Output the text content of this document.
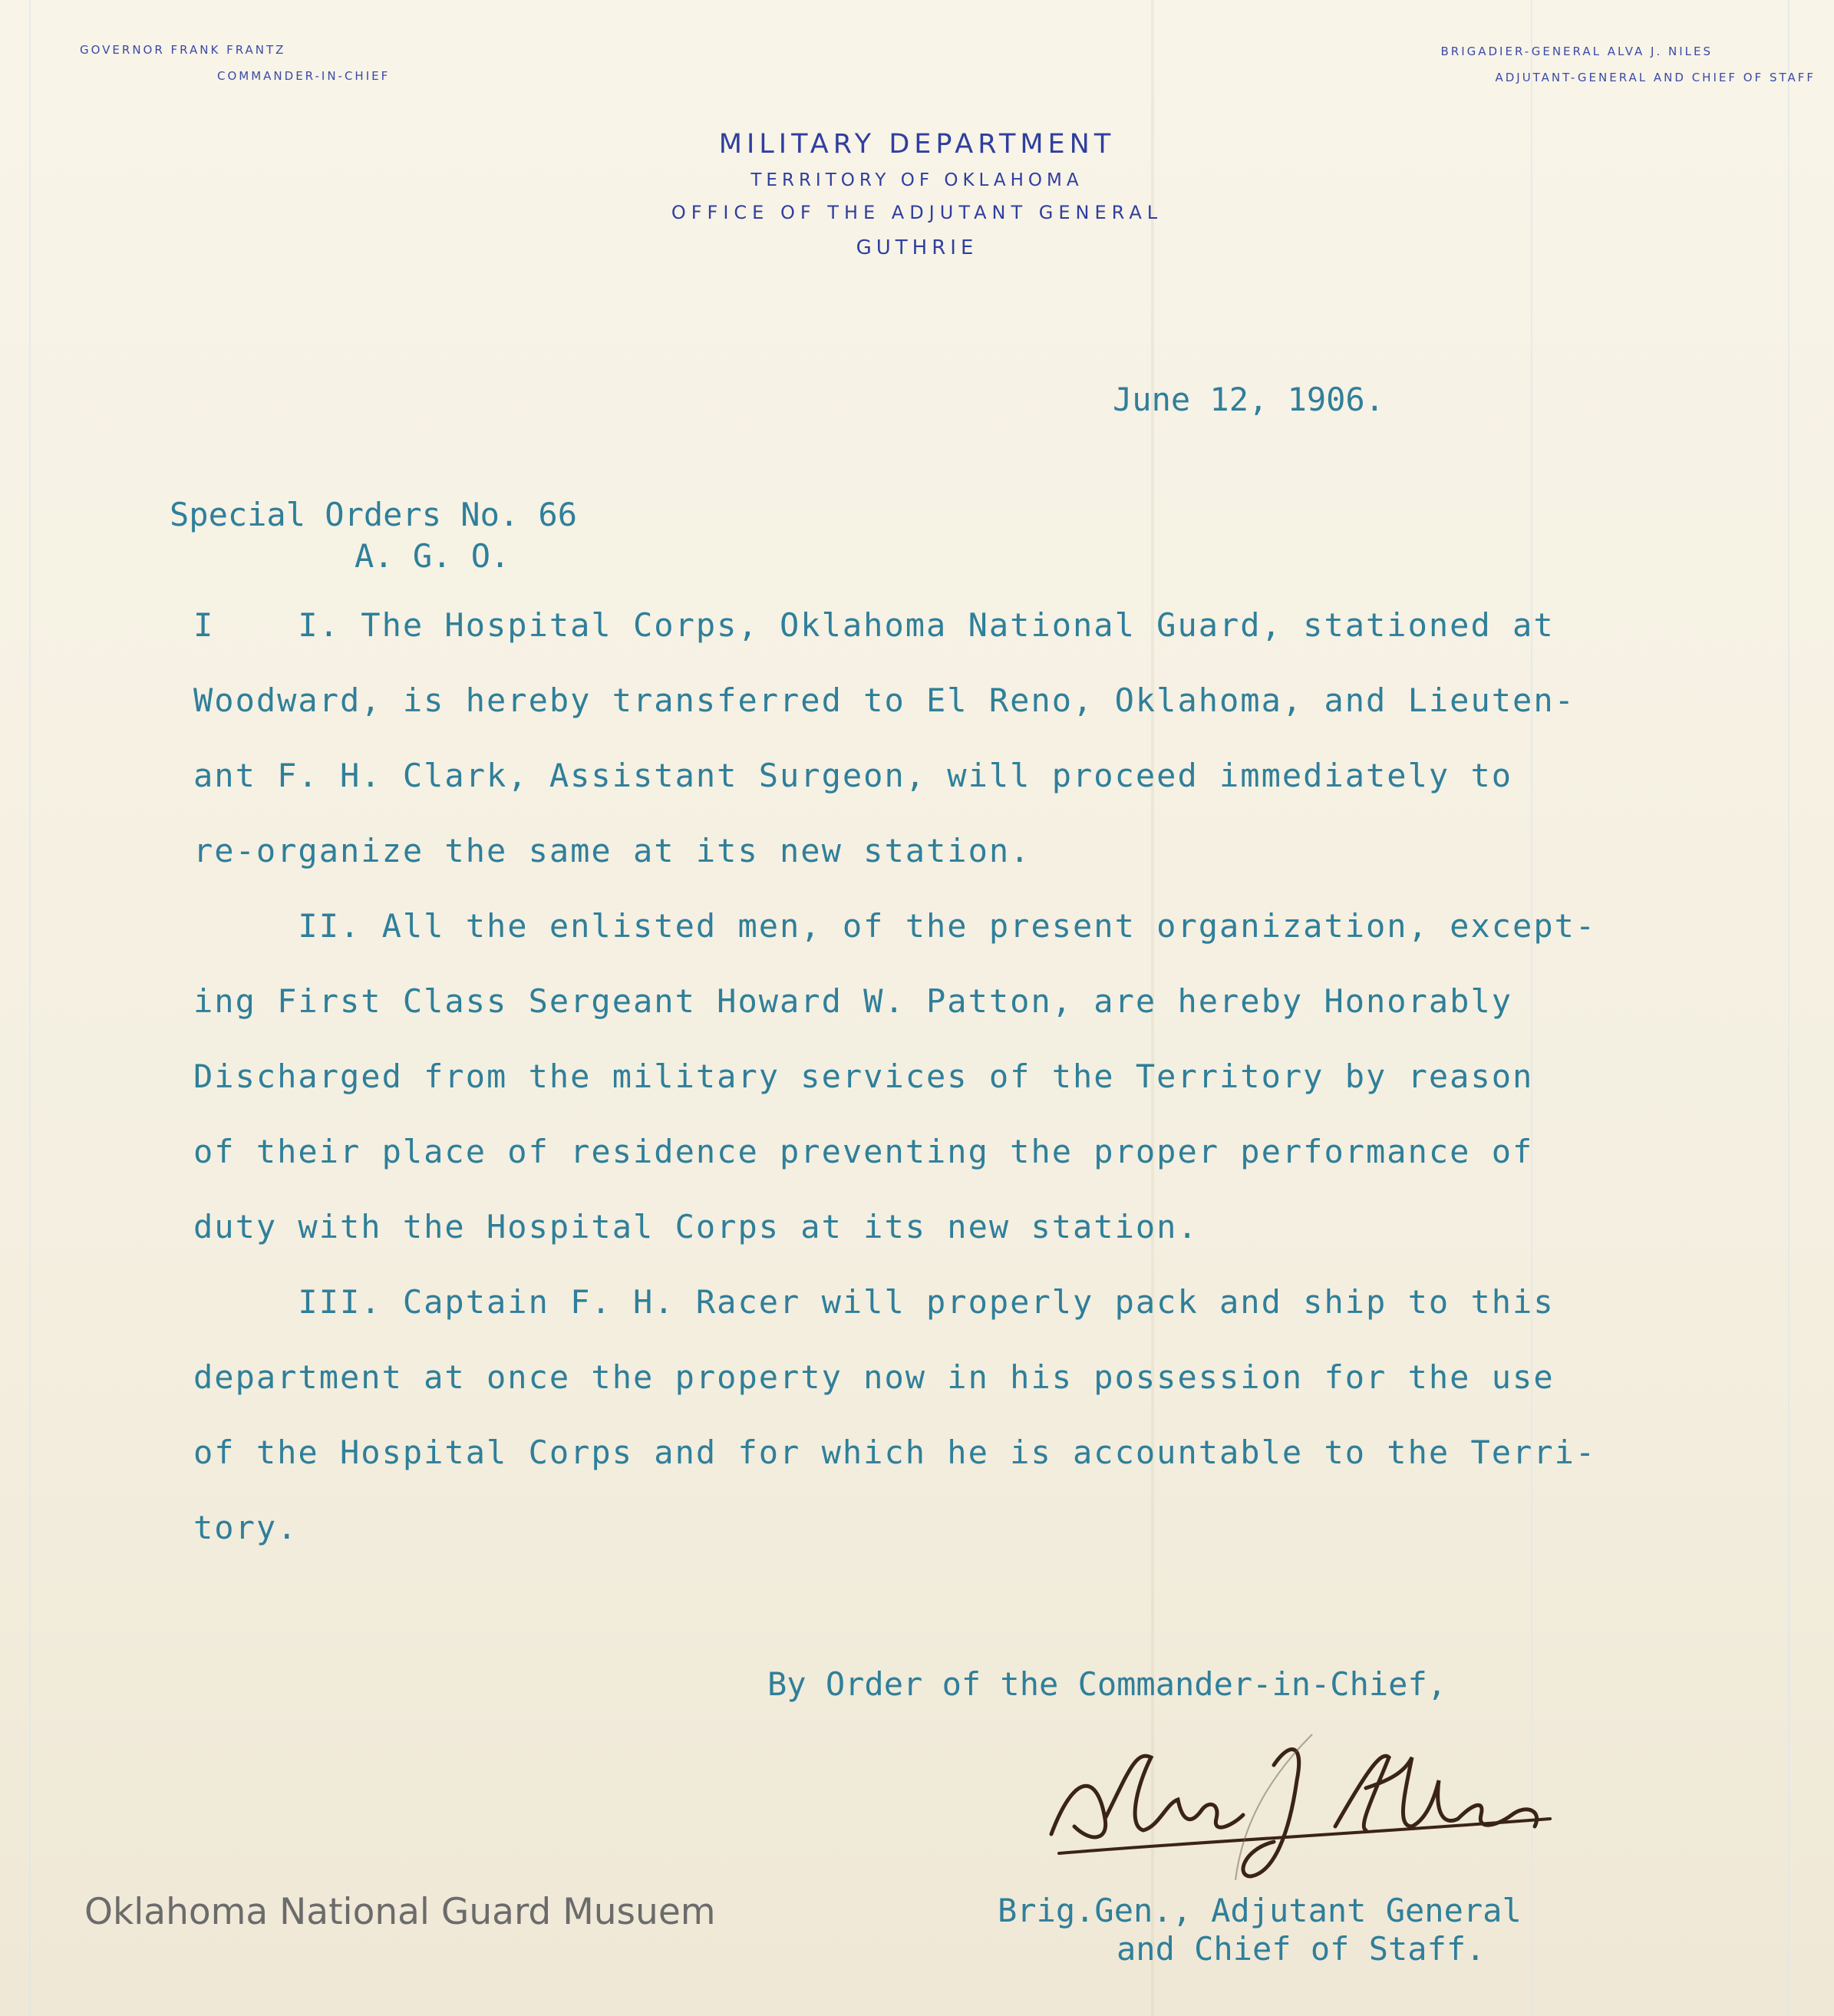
GOVERNOR FRANK FRANTZ
COMMANDER-IN-CHIEF
BRIGADIER-GENERAL ALVA J. NILES
ADJUTANT-GENERAL AND CHIEF OF STAFF
MILITARY DEPARTMENT
TERRITORY OF OKLAHOMA
OFFICE OF THE ADJUTANT GENERAL
GUTHRIE
June 12, 1906.
Special Orders No. 66
A. G. O.
I    I. The Hospital Corps, Oklahoma National Guard, stationed at
Woodward, is hereby transferred to El Reno, Oklahoma, and Lieuten-
ant F. H. Clark, Assistant Surgeon, will proceed immediately to
re-organize the same at its new station.
II. All the enlisted men, of the present organization, except-
ing First Class Sergeant Howard W. Patton, are hereby Honorably
Discharged from the military services of the Territory by reason
of their place of residence preventing the proper performance of
duty with the Hospital Corps at its new station.
III. Captain F. H. Racer will properly pack and ship to this
department at once the property now in his possession for the use
of the Hospital Corps and for which he is accountable to the Terri-
tory.
By Order of the Commander-in-Chief,
Brig.Gen., Adjutant General
and Chief of Staff.
Oklahoma National Guard Musuem
